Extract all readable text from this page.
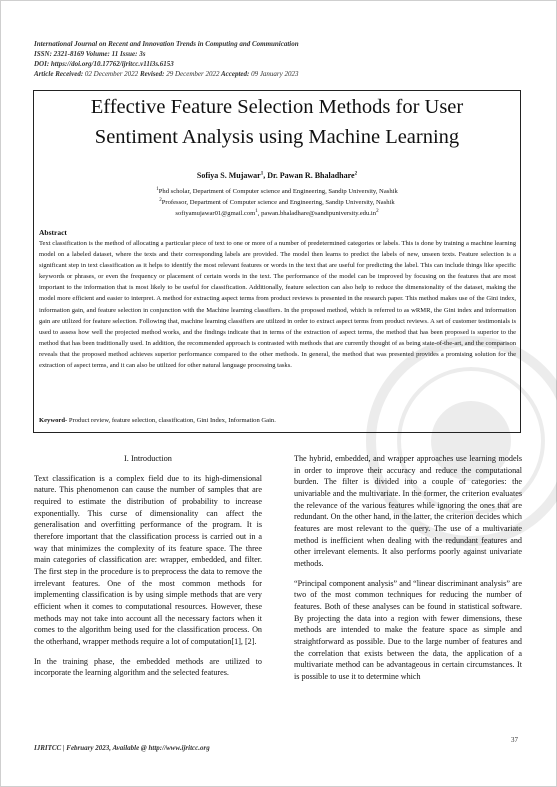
International Journal on Recent and Innovation Trends in Computing and Communication
ISSN: 2321-8169 Volume: 11 Issue: 3s
DOI: https://doi.org/10.17762/ijritcc.v11i3s.6153
Article Received: 02 December 2022 Revised: 29 December 2022 Accepted: 09 January 2023
Effective Feature Selection Methods for User
Sentiment Analysis using Machine Learning
Sofiya S. Mujawar$^1$, Dr. Pawan R. Bhaladhare$^2$
$^1$Phd scholar, Department of Computer science and Engineering, Sandip University, Nashik
$^2$Professor, Department of Computer science and Engineering, Sandip University, Nashik
sofiyamujawar01@gmail.com$^1$, $pawan.bhaladhare@sandipuniversity.edu.in^2$
Abstract
Text classification is the method of allocating a particular piece of text to one or more of a number of predetermined categories or labels. This is done by training a machine learning model on a labeled dataset, where the texts and their corresponding labels are provided. The model then learns to predict the labels of new, unseen texts. Feature selection is a significant step in text classification as it helps to identify the most relevant features or words in the text that are useful for predicting the label. This can include things like specific keywords or phrases, or even the frequency or placement of certain words in the text. The performance of the model can be improved by focusing on the features that are most important to the information that is most likely to be useful for classification. Additionally, feature selection can also help to reduce the dimensionality of the dataset, making the model more efficient and easier to interpret. A method for extracting aspect terms from product reviews is presented in the research paper. This method makes use of the Gini index, information gain, and feature selection in conjunction with the Machine learning classifiers. In the proposed method, which is referred to as wRMR, the Gini index and information gain are utilized for feature selection. Following that, machine learning classifiers are utilized in order to extract aspect terms from product reviews. A set of customer testimonials is used to assess how well the projected method works, and the findings indicate that in terms of the extraction of aspect terms, the method that has been proposed is superior to the method that has been traditionally used. In addition, the recommended approach is contrasted with methods that are currently thought of as being state-of-the-art, and the comparison reveals that the proposed method achieves superior performance compared to the other methods. In general, the method that was presented provides a promising solution for the extraction of aspect terms, and it can also be utilized for other natural language processing tasks.
Keyword- Product review, feature selection, classification, Gini Index, Information Gain.
I. Introduction

Text classification is a complex field due to its high-dimensional nature. This phenomenon can cause the number of samples that are required to estimate the distribution of probability to increase exponentially. This curse of dimensionality can affect the generalisation and overfitting performance of the program. It is therefore important that the classification process is carried out in a way that minimizes the complexity of its feature space. The three main categories of classification are: wrapper, embedded, and filter. The first step in the procedure is to preprocess the data to remove the irrelevant features. One of the most common methods for implementing classification is by using simple methods that are very efficient when it comes to computational resources. However, these methods may not take into account all the necessary factors when it comes to the algorithm being used for the classification process. On the otherhand, wrapper methods require a lot of computation[1], [2].

In the training phase, the embedded methods are utilized to incorporate the learning algorithm and the selected features.

The hybrid, embedded, and wrapper approaches use learning models in order to improve their accuracy and reduce the computational burden. The filter is divided into a couple of categories: the univariable and the multivariate. In the former, the criterion evaluates the relevance of the various features while ignoring the ones that are redundant. On the other hand, in the latter, the criterion decides which features are most relevant to the query. The use of a multivariate method is inefficient when dealing with the redundant features and other irrelevant elements. It also performs poorly against univariate methods.

“Principal component analysis” and “linear discriminant analysis” are two of the most common techniques for reducing the number of features. Both of these analyses can be found in statistical software. By projecting the data into a region with fewer dimensions, these methods are intended to make the feature space as simple and straightforward as possible. Due to the large number of features and the correlation that exists between the data, the application of a multivariate method can be advantageous in certain circumstances. It is possible to use it to determine which

37
IJRITCC | February 2023, Available @ http://www.ijritcc.org
